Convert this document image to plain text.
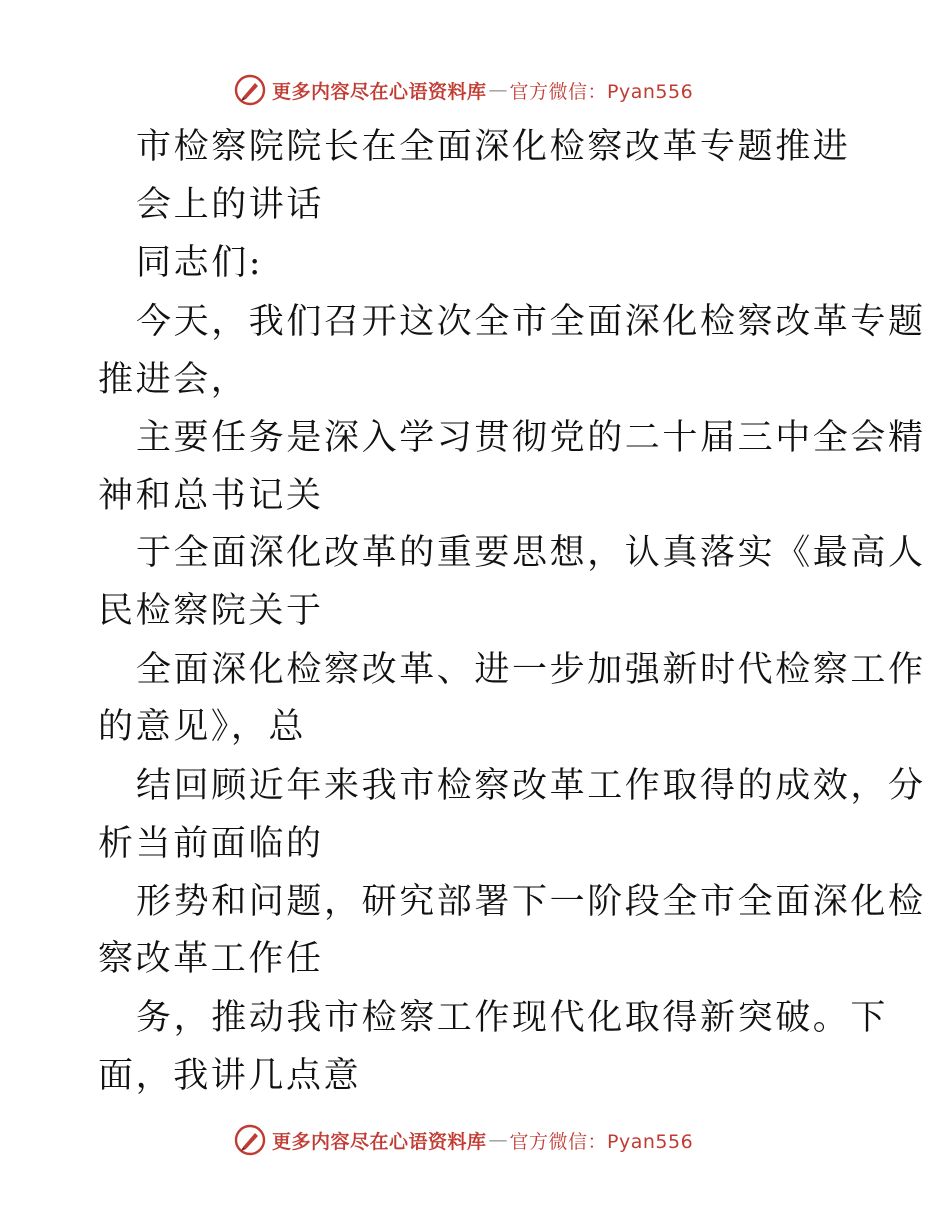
更多内容尽在心语资料库 — 官方微信：Pyan556
市检察院院长在全面深化检察改革专题推进
会上的讲话
同志们:
今天，我们召开这次全市全面深化检察改革专题
推进会，
主要任务是深入学习贯彻党的二十届三中全会精
神和总书记关
于全面深化改革的重要思想，认真落实《最高人
民检察院关于
全面深化检察改革、进一步加强新时代检察工作
的意见》，总
结回顾近年来我市检察改革工作取得的成效，分
析当前面临的
形势和问题，研究部署下一阶段全市全面深化检
察改革工作任
务，推动我市检察工作现代化取得新突破。下
面，我讲几点意
更多内容尽在心语资料库 — 官方微信：Pyan556
